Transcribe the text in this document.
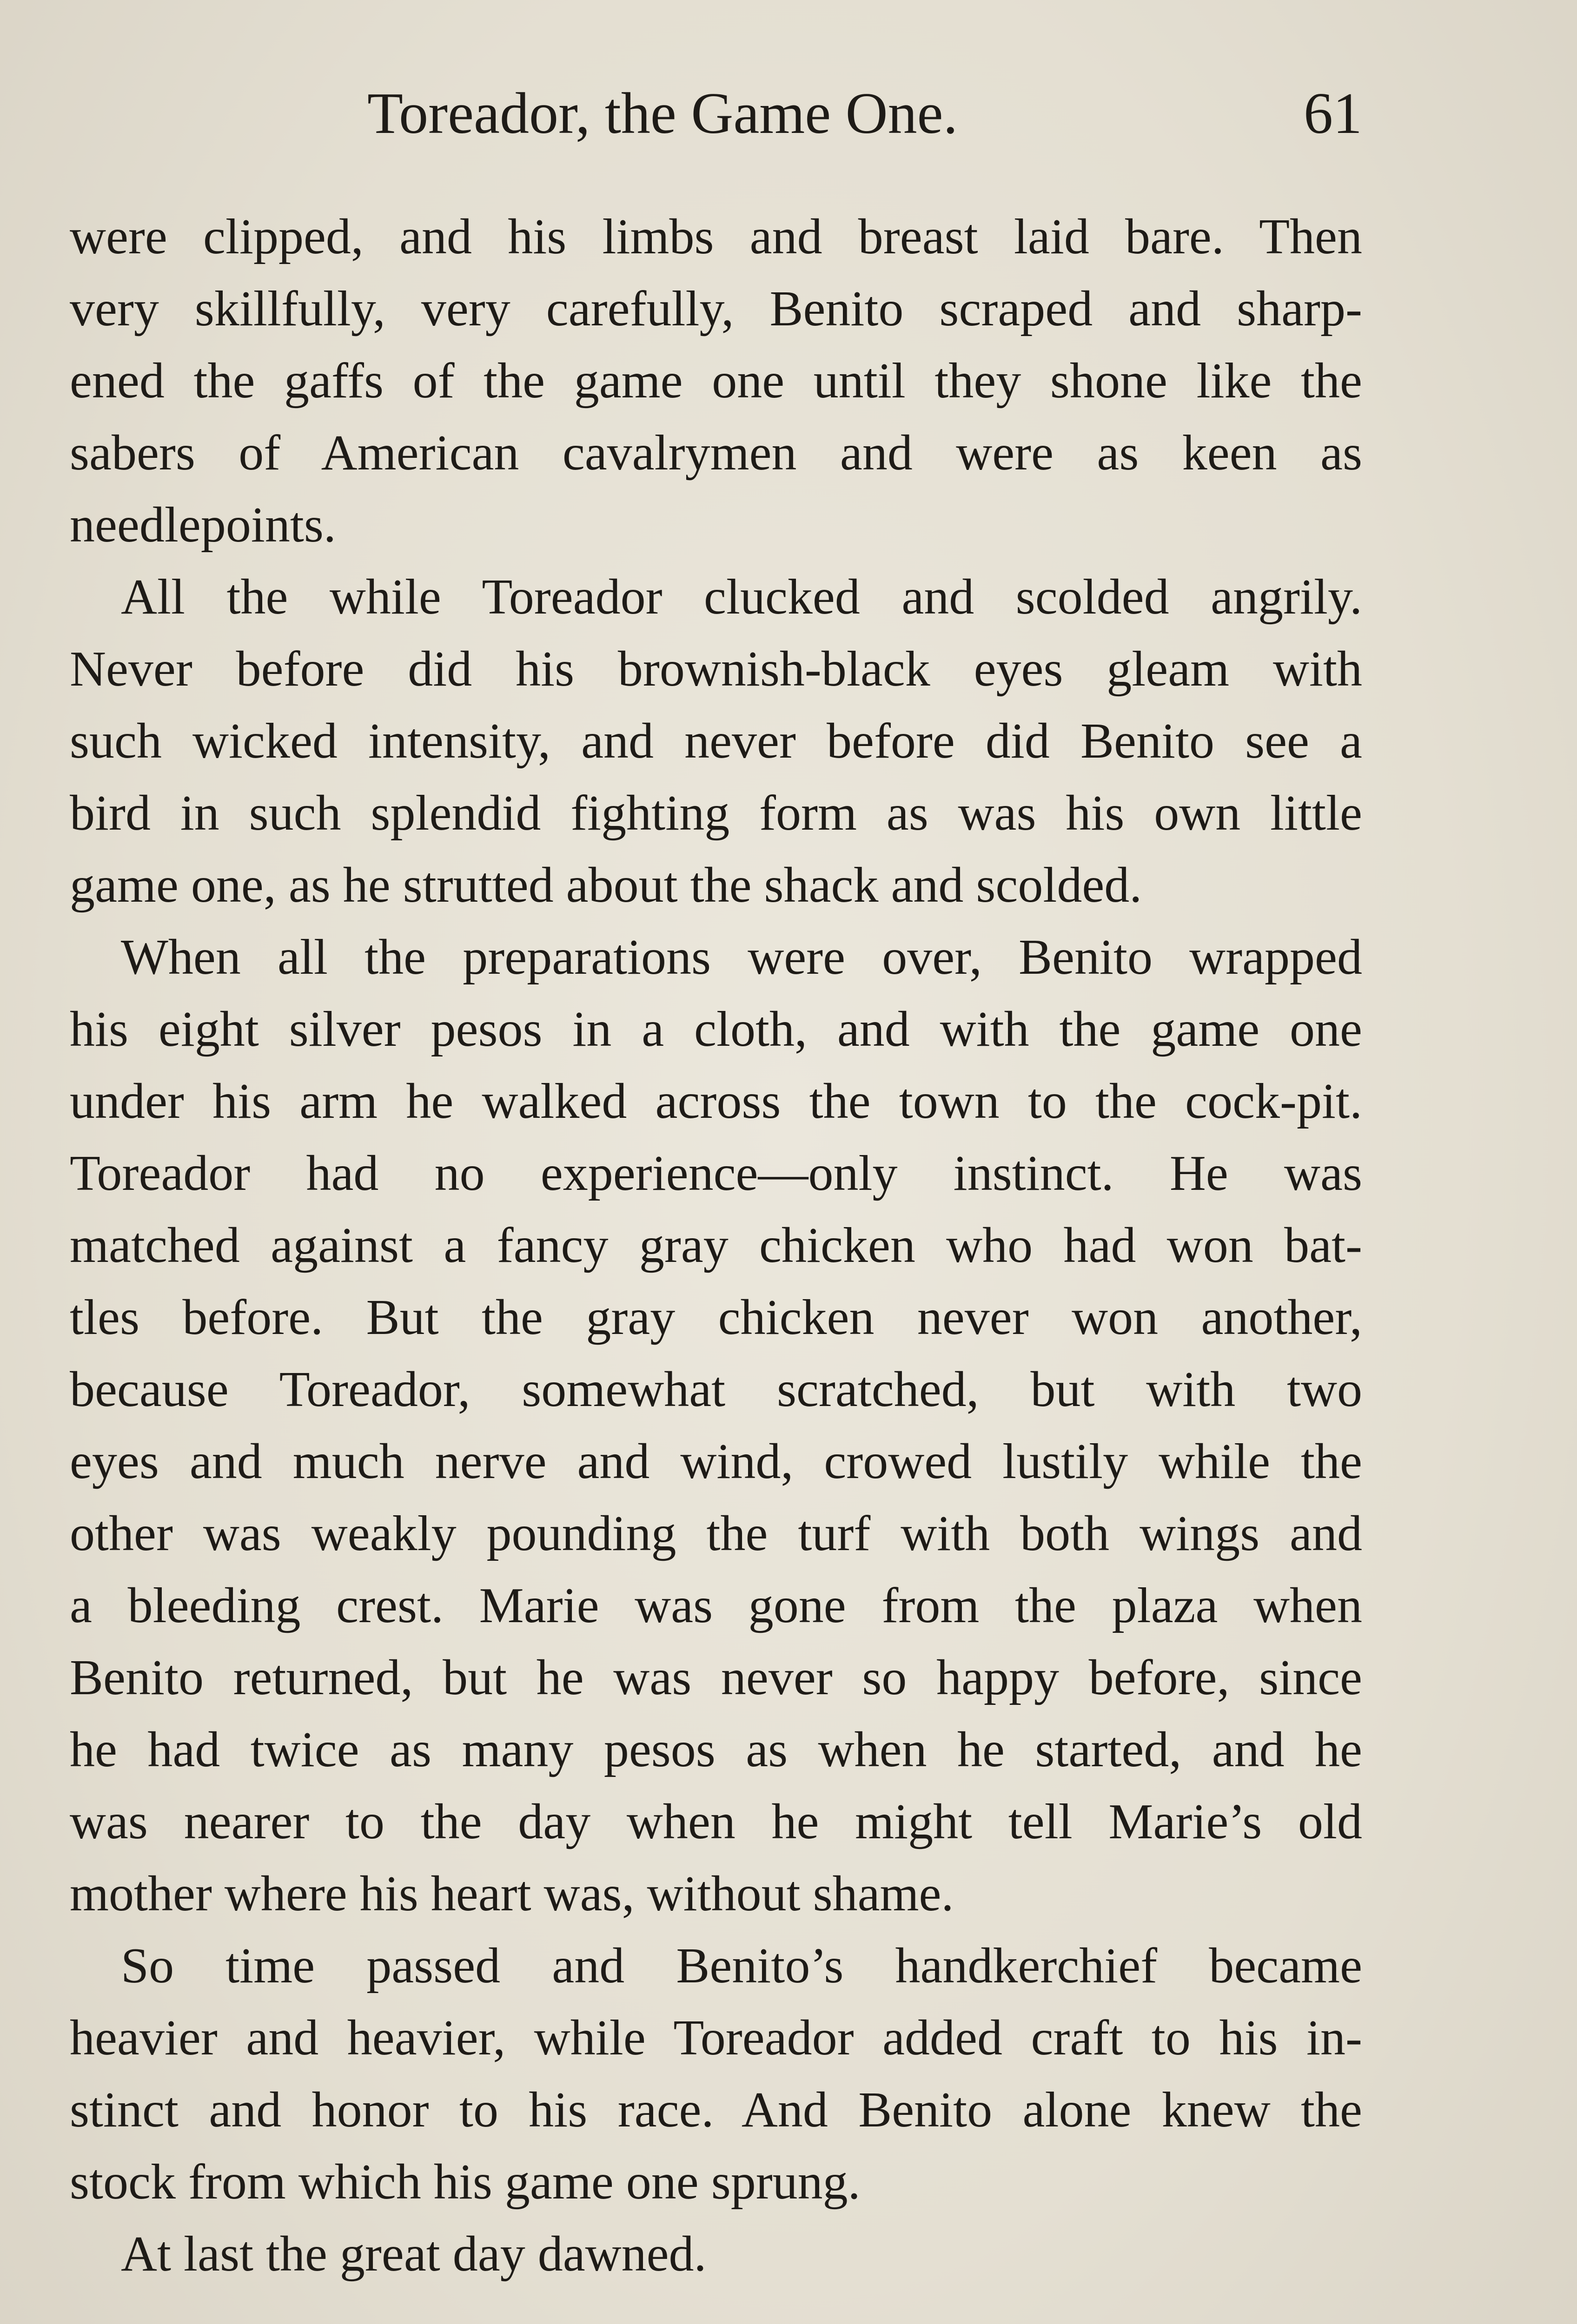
Toreador, the Game One.	61
were clipped, and his limbs and breast laid bare. Then
very skillfully, very carefully, Benito scraped and sharp-
ened the gaffs of the game one until they shone like the
sabers of American cavalrymen and were as keen as
needlepoints.
All the while Toreador clucked and scolded angrily.
Never before did his brownish-black eyes gleam with
such wicked intensity, and never before did Benito see a
bird in such splendid fighting form as was his own little
game one, as he strutted about the shack and scolded.
When all the preparations were over, Benito wrapped
his eight silver pesos in a cloth, and with the game one
under his arm he walked across the town to the cock-pit.
Toreador had no experience—only instinct. He was
matched against a fancy gray chicken who had won bat-
tles before. But the gray chicken never won another,
because Toreador, somewhat scratched, but with two
eyes and much nerve and wind, crowed lustily while the
other was weakly pounding the turf with both wings and
a bleeding crest. Marie was gone from the plaza when
Benito returned, but he was never so happy before, since
he had twice as many pesos as when he started, and he
was nearer to the day when he might tell Marie’s old
mother where his heart was, without shame.
So time passed and Benito’s handkerchief became
heavier and heavier, while Toreador added craft to his in-
stinct and honor to his race. And Benito alone knew the
stock from which his game one sprung.
At last the great day dawned.
